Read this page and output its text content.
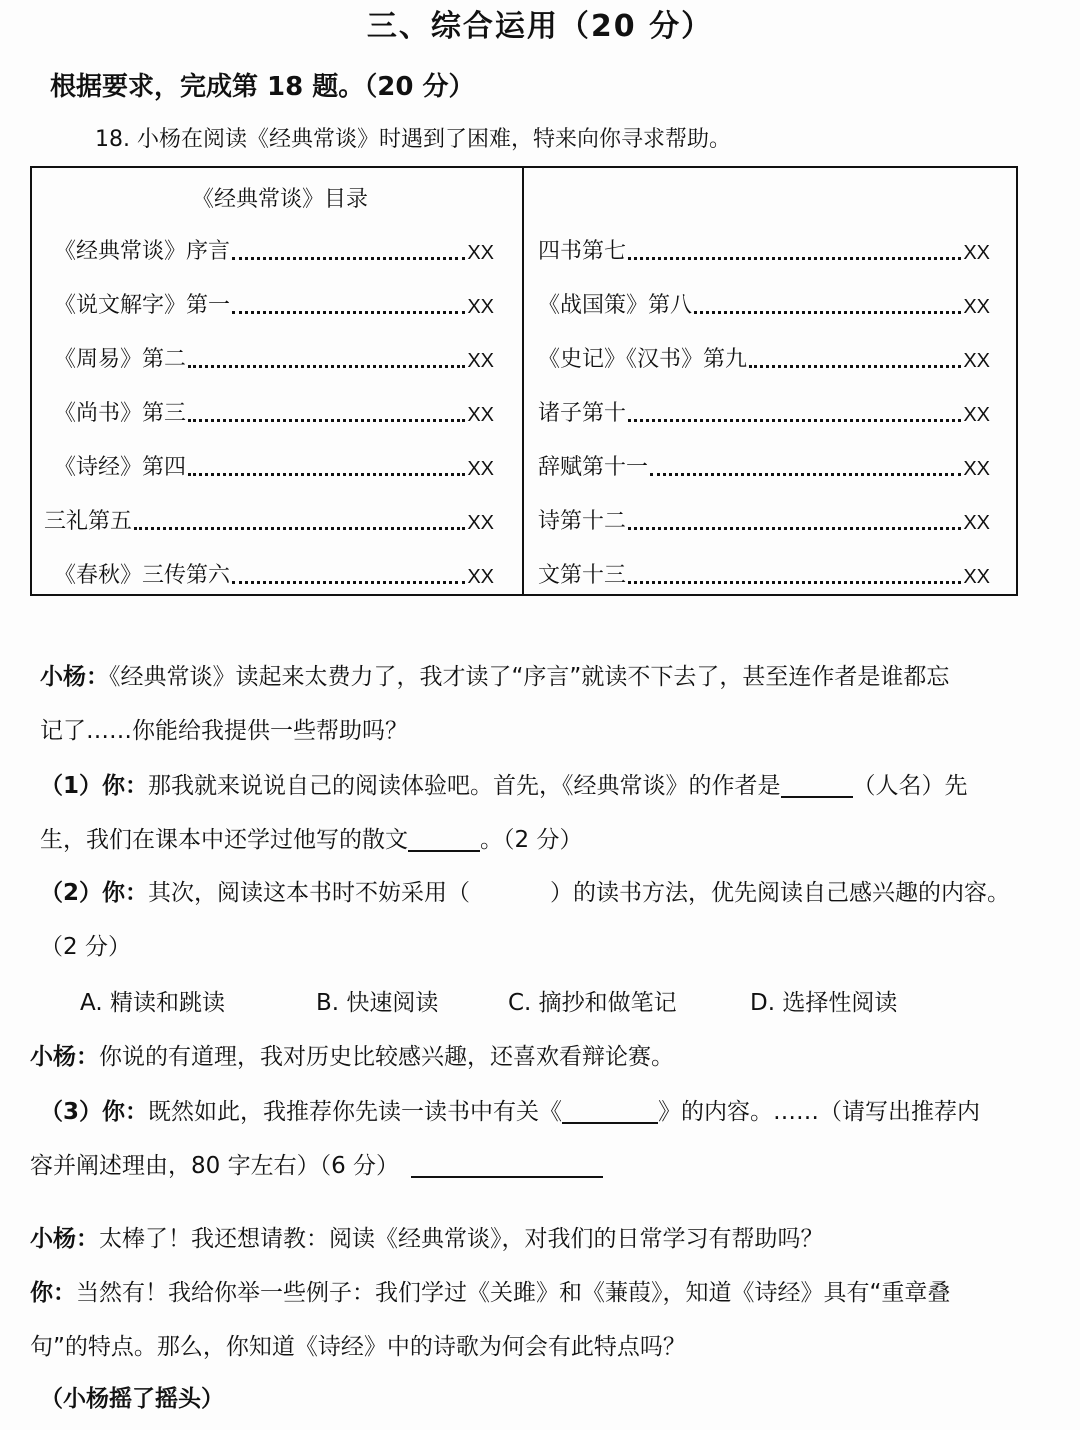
三、综合运用（20 分）
根据要求，完成第 18 题。（20 分）
18. 小杨在阅读《经典常谈》时遇到了困难，特来向你寻求帮助。
《经典常谈》目录
《经典常谈》序言	XX
《说文解字》第一	XX
《周易》第二	XX
《尚书》第三	XX
《诗经》第四	XX
三礼第五	XX
《春秋》三传第六	XX
四书第七	XX
《战国策》第八	XX
《史记》《汉书》第九	XX
诸子第十	XX
辞赋第十一	XX
诗第十二	XX
文第十三	XX
小杨：《经典常谈》读起来太费力了，我才读了“序言”就读不下去了，甚至连作者是谁都忘
记了……你能给我提供一些帮助吗？
（1）你：那我就来说说自己的阅读体验吧。首先，《经典常谈》的作者是	（人名）先
生，我们在课本中还学过他写的散文	。（2 分）
（2）你：其次，阅读这本书时不妨采用（	）的读书方法，优先阅读自己感兴趣的内容。
（2 分）
A. 精读和跳读	B. 快速阅读	C. 摘抄和做笔记	D. 选择性阅读
小杨：你说的有道理，我对历史比较感兴趣，还喜欢看辩论赛。
（3）你：既然如此，我推荐你先读一读书中有关《	》的内容。……（请写出推荐内
容并阐述理由，80 字左右）（6 分）
小杨：太棒了！我还想请教：阅读《经典常谈》，对我们的日常学习有帮助吗？
你：当然有！我给你举一些例子：我们学过《关雎》和《蒹葭》，知道《诗经》具有“重章叠
句”的特点。那么，你知道《诗经》中的诗歌为何会有此特点吗？
（小杨摇了摇头）
